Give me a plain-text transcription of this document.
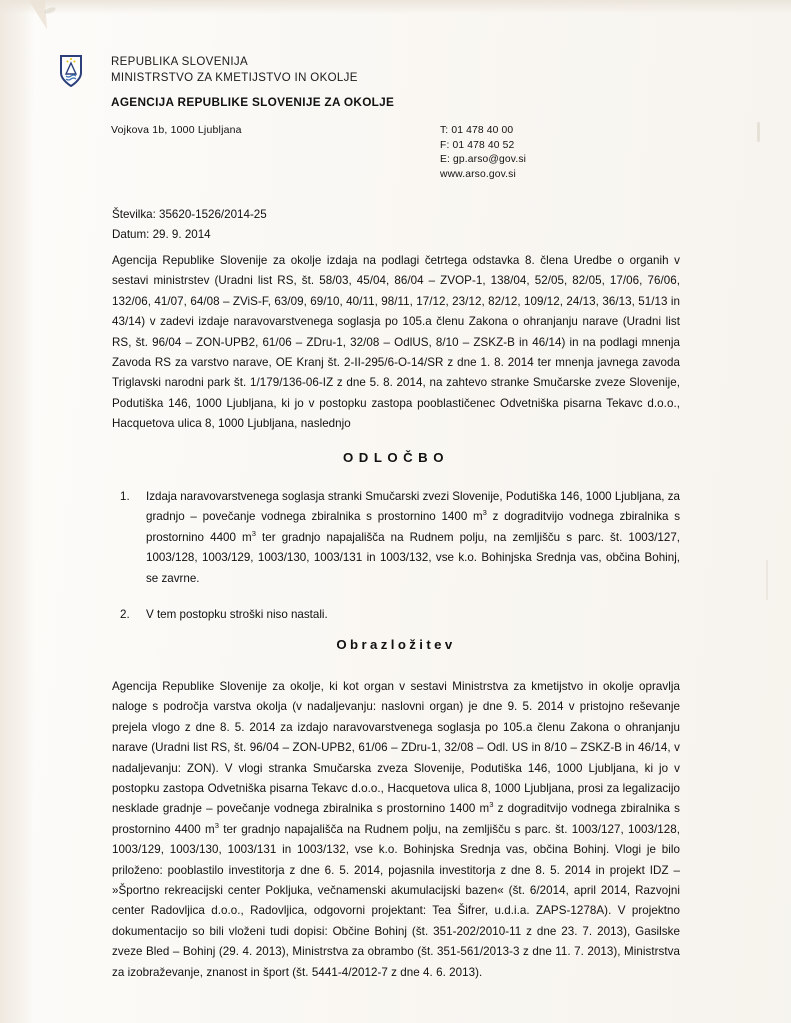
REPUBLIKA SLOVENIJA
MINISTRSTVO ZA KMETIJSTVO IN OKOLJE
AGENCIJA REPUBLIKE SLOVENIJE ZA OKOLJE
Vojkova 1b, 1000 Ljubljana	T: 01 478 40 00
F: 01 478 40 52
E: gp.arso@gov.si
www.arso.gov.si
Številka: 35620-1526/2014-25
Datum: 29. 9. 2014
Agencija Republike Slovenije za okolje izdaja na podlagi četrtega odstavka 8. člena Uredbe o organih v sestavi ministrstev (Uradni list RS, št. 58/03, 45/04, 86/04 – ZVOP-1, 138/04, 52/05, 82/05, 17/06, 76/06, 132/06, 41/07, 64/08 – ZViS-F, 63/09, 69/10, 40/11, 98/11, 17/12, 23/12, 82/12, 109/12, 24/13, 36/13, 51/13 in 43/14) v zadevi izdaje naravovarstvenega soglasja po 105.a členu Zakona o ohranjanju narave (Uradni list RS, št. 96/04 – ZON-UPB2, 61/06 – ZDru-1, 32/08 – OdlUS, 8/10 – ZSKZ-B in 46/14) in na podlagi mnenja Zavoda RS za varstvo narave, OE Kranj št. 2-II-295/6-O-14/SR z dne 1. 8. 2014 ter mnenja javnega zavoda Triglavski narodni park št. 1/179/136-06-IZ z dne 5. 8. 2014, na zahtevo stranke Smučarske zveze Slovenije, Podutiška 146, 1000 Ljubljana, ki jo v postopku zastopa pooblastičenec Odvetniška pisarna Tekavc d.o.o., Hacquetova ulica 8, 1000 Ljubljana, naslednjo
ODLOČBO
1. Izdaja naravovarstvenega soglasja stranki Smučarski zvezi Slovenije, Podutiška 146, 1000 Ljubljana, za gradnjo – povečanje vodnega zbiralnika s prostornino 1400 $m^3$ z dograditvijo vodnega zbiralnika s prostornino 4400 $m^3$ ter gradnjo napajališča na Rudnem polju, na zemljišču s parc. št. 1003/127, 1003/128, 1003/129, 1003/130, 1003/131 in 1003/132, vse k.o. Bohinjska Srednja vas, občina Bohinj, se zavrne.
2. V tem postopku stroški niso nastali.
Obrazložitev
Agencija Republike Slovenije za okolje, ki kot organ v sestavi Ministrstva za kmetijstvo in okolje opravlja naloge s področja varstva okolja (v nadaljevanju: naslovni organ) je dne 9. 5. 2014 v pristojno reševanje prejela vlogo z dne 8. 5. 2014 za izdajo naravovarstvenega soglasja po 105.a členu Zakona o ohranjanju narave (Uradni list RS, št. 96/04 – ZON-UPB2, 61/06 – ZDru-1, 32/08 – Odl. US in 8/10 – ZSKZ-B in 46/14, v nadaljevanju: ZON). V vlogi stranka Smučarska zveza Slovenije, Podutiška 146, 1000 Ljubljana, ki jo v postopku zastopa Odvetniška pisarna Tekavc d.o.o., Hacquetova ulica 8, 1000 Ljubljana, prosi za legalizacijo nesklade gradnje – povečanje vodnega zbiralnika s prostornino 1400 $m^3$ z dograditvijo vodnega zbiralnika s prostornino 4400 $m^3$ ter gradnjo napajališča na Rudnem polju, na zemljišču s parc. št. 1003/127, 1003/128, 1003/129, 1003/130, 1003/131 in 1003/132, vse k.o. Bohinjska Srednja vas, občina Bohinj. Vlogi je bilo priloženo: pooblastilo investitorja z dne 6. 5. 2014, pojasnila investitorja z dne 8. 5. 2014 in projekt IDZ – »Športno rekreacijski center Pokljuka, večnamenski akumulacijski bazen« (št. 6/2014, april 2014, Razvojni center Radovljica d.o.o., Radovljica, odgovorni projektant: Tea Šifrer, u.d.i.a. ZAPS-1278A). V projektno dokumentacijo so bili vloženi tudi dopisi: Občine Bohinj (št. 351-202/2010-11 z dne 23. 7. 2013), Gasilske zveze Bled – Bohinj (29. 4. 2013), Ministrstva za obrambo (št. 351-561/2013-3 z dne 11. 7. 2013), Ministrstva za izobraževanje, znanost in šport (št. 5441-4/2012-7 z dne 4. 6. 2013).
